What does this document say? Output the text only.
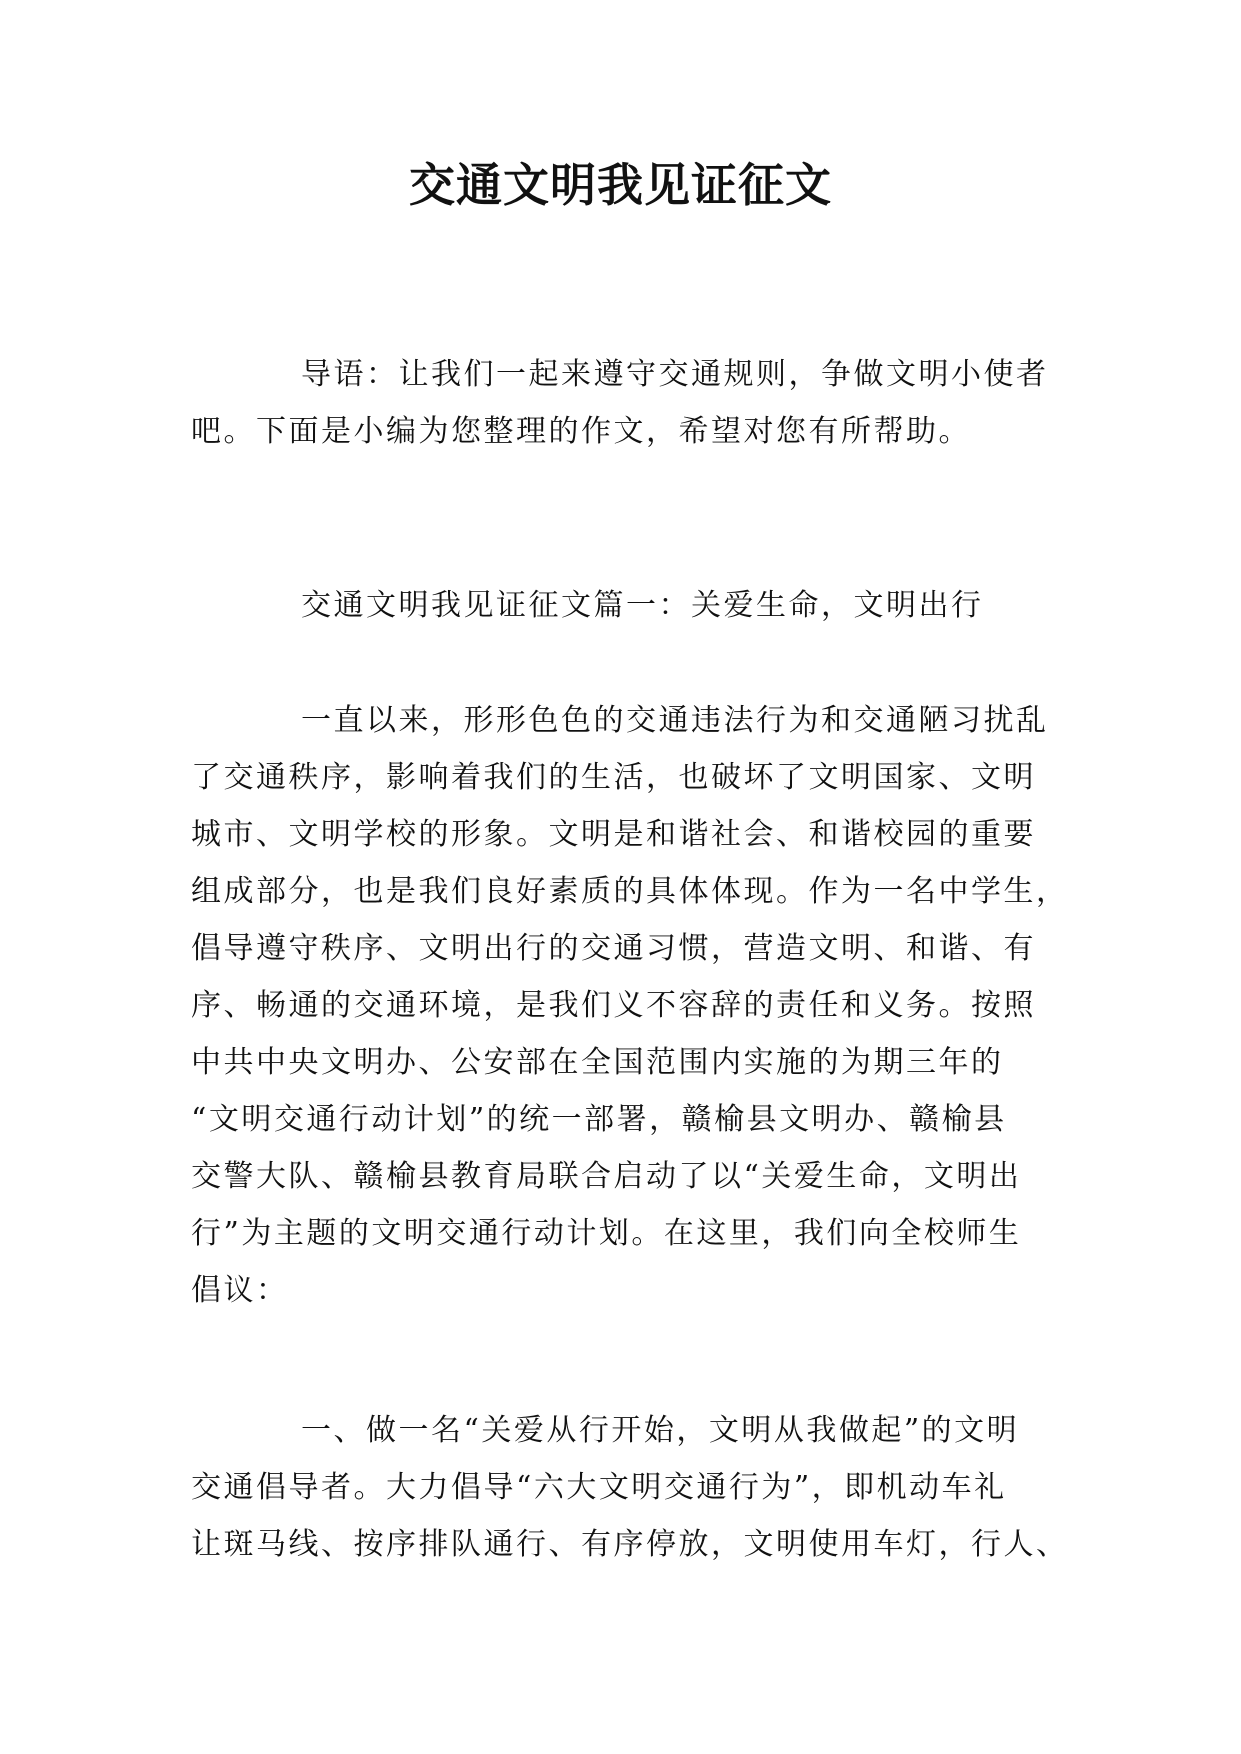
交通文明我见证征文
导语：让我们一起来遵守交通规则，争做文明小使者
吧。下面是小编为您整理的作文，希望对您有所帮助。
交通文明我见证征文篇一：关爱生命，文明出行
一直以来，形形色色的交通违法行为和交通陋习扰乱
了交通秩序，影响着我们的生活，也破坏了文明国家、文明
城市、文明学校的形象。文明是和谐社会、和谐校园的重要
组成部分，也是我们良好素质的具体体现。作为一名中学生，
倡导遵守秩序、文明出行的交通习惯，营造文明、和谐、有
序、畅通的交通环境，是我们义不容辞的责任和义务。按照
中共中央文明办、公安部在全国范围内实施的为期三年的
“文明交通行动计划”的统一部署，赣榆县文明办、赣榆县
交警大队、赣榆县教育局联合启动了以“关爱生命，文明出
行”为主题的文明交通行动计划。在这里，我们向全校师生
倡议：
一、做一名“关爱从行开始，文明从我做起”的文明
交通倡导者。大力倡导“六大文明交通行为”，即机动车礼
让斑马线、按序排队通行、有序停放，文明使用车灯，行人、
